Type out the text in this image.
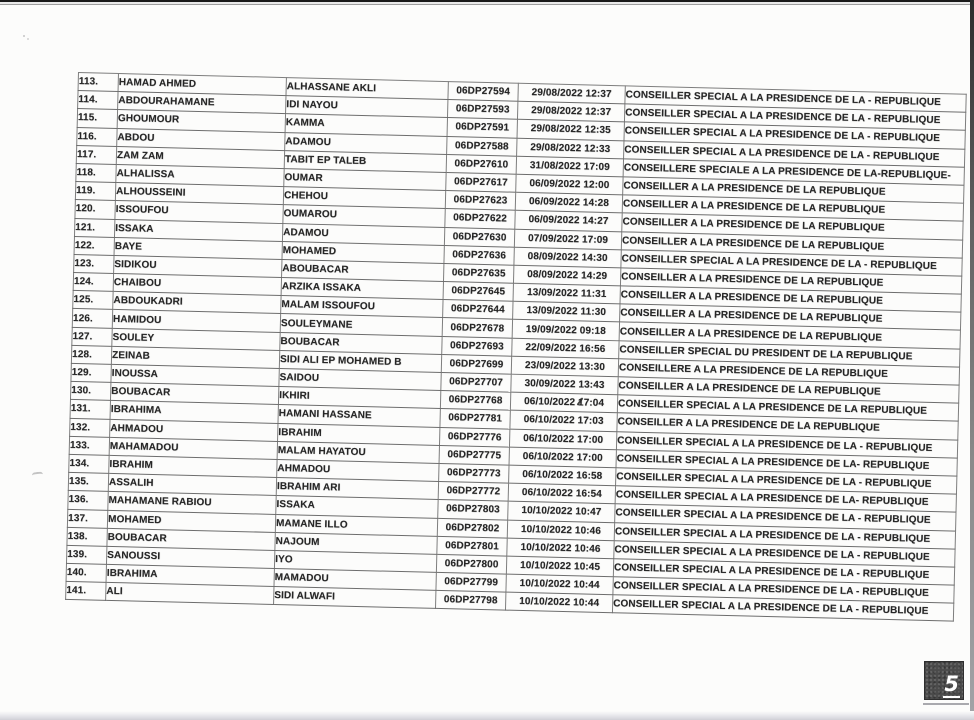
113.	HAMAD AHMED	ALHASSANE AKLI	06DP27594	29/08/2022 12:37	CONSEILLER SPECIAL A LA PRESIDENCE DE LA - REPUBLIQUE
114.	ABDOURAHAMANE	IDI NAYOU	06DP27593	29/08/2022 12:37	CONSEILLER SPECIAL A LA PRESIDENCE DE LA - REPUBLIQUE
115.	GHOUMOUR	KAMMA	06DP27591	29/08/2022 12:35	CONSEILLER SPECIAL A LA PRESIDENCE DE LA - REPUBLIQUE
116.	ABDOU	ADAMOU	06DP27588	29/08/2022 12:33	CONSEILLER SPECIAL A LA PRESIDENCE DE LA - REPUBLIQUE
117.	ZAM ZAM	TABIT EP TALEB	06DP27610	31/08/2022 17:09	CONSEILLERE SPECIALE A LA PRESIDENCE DE LA-REPUBLIQUE-
118.	ALHALISSA	OUMAR	06DP27617	06/09/2022 12:00	CONSEILLER A LA PRESIDENCE DE LA REPUBLIQUE
119.	ALHOUSSEINI	CHEHOU	06DP27623	06/09/2022 14:28	CONSEILLER A LA PRESIDENCE DE LA REPUBLIQUE
120.	ISSOUFOU	OUMAROU	06DP27622	06/09/2022 14:27	CONSEILLER A LA PRESIDENCE DE LA REPUBLIQUE
121.	ISSAKA	ADAMOU	06DP27630	07/09/2022 17:09	CONSEILLER A LA PRESIDENCE DE LA REPUBLIQUE
122.	BAYE	MOHAMED	06DP27636	08/09/2022 14:30	CONSEILLER SPECIAL A LA PRESIDENCE DE LA - REPUBLIQUE
123.	SIDIKOU	ABOUBACAR	06DP27635	08/09/2022 14:29	CONSEILLER A LA PRESIDENCE DE LA REPUBLIQUE
124.	CHAIBOU	ARZIKA ISSAKA	06DP27645	13/09/2022 11:31	CONSEILLER A LA PRESIDENCE DE LA REPUBLIQUE
125.	ABDOUKADRI	MALAM ISSOUFOU	06DP27644	13/09/2022 11:30	CONSEILLER A LA PRESIDENCE DE LA REPUBLIQUE
126.	HAMIDOU	SOULEYMANE	06DP27678	19/09/2022 09:18	CONSEILLER A LA PRESIDENCE DE LA REPUBLIQUE
127.	SOULEY	BOUBACAR	06DP27693	22/09/2022 16:56	CONSEILLER SPECIAL DU PRESIDENT DE LA REPUBLIQUE
128.	ZEINAB	SIDI ALI EP MOHAMED B	06DP27699	23/09/2022 13:30	CONSEILLERE A LA PRESIDENCE DE LA REPUBLIQUE
129.	INOUSSA	SAIDOU	06DP27707	30/09/2022 13:43	CONSEILLER A LA PRESIDENCE DE LA REPUBLIQUE
130.	BOUBACAR	IKHIRI	06DP27768	06/10/2022 17:04	CONSEILLER SPECIAL A LA PRESIDENCE DE LA REPUBLIQUE
131.	IBRAHIMA	HAMANI HASSANE	06DP27781	06/10/2022 17:03	CONSEILLER A LA PRESIDENCE DE LA REPUBLIQUE
132.	AHMADOU	IBRAHIM	06DP27776	06/10/2022 17:00	CONSEILLER SPECIAL A LA PRESIDENCE DE LA - REPUBLIQUE
133.	MAHAMADOU	MALAM HAYATOU	06DP27775	06/10/2022 17:00	CONSEILLER SPECIAL A LA PRESIDENCE DE LA- REPUBLIQUE
134.	IBRAHIM	AHMADOU	06DP27773	06/10/2022 16:58	CONSEILLER SPECIAL A LA PRESIDENCE DE LA - REPUBLIQUE
135.	ASSALIH	IBRAHIM ARI	06DP27772	06/10/2022 16:54	CONSEILLER SPECIAL A LA PRESIDENCE DE LA- REPUBLIQUE
136.	MAHAMANE RABIOU	ISSAKA	06DP27803	10/10/2022 10:47	CONSEILLER SPECIAL A LA PRESIDENCE DE LA - REPUBLIQUE
137.	MOHAMED	MAMANE ILLO	06DP27802	10/10/2022 10:46	CONSEILLER SPECIAL A LA PRESIDENCE DE LA - REPUBLIQUE
138.	BOUBACAR	NAJOUM	06DP27801	10/10/2022 10:46	CONSEILLER SPECIAL A LA PRESIDENCE DE LA - REPUBLIQUE
139.	SANOUSSI	IYO	06DP27800	10/10/2022 10:45	CONSEILLER SPECIAL A LA PRESIDENCE DE LA - REPUBLIQUE
140.	IBRAHIMA	MAMADOU	06DP27799	10/10/2022 10:44	CONSEILLER SPECIAL A LA PRESIDENCE DE LA - REPUBLIQUE
141.	ALI	SIDI ALWAFI	06DP27798	10/10/2022 10:44	CONSEILLER SPECIAL A LA PRESIDENCE DE LA - REPUBLIQUE
5
